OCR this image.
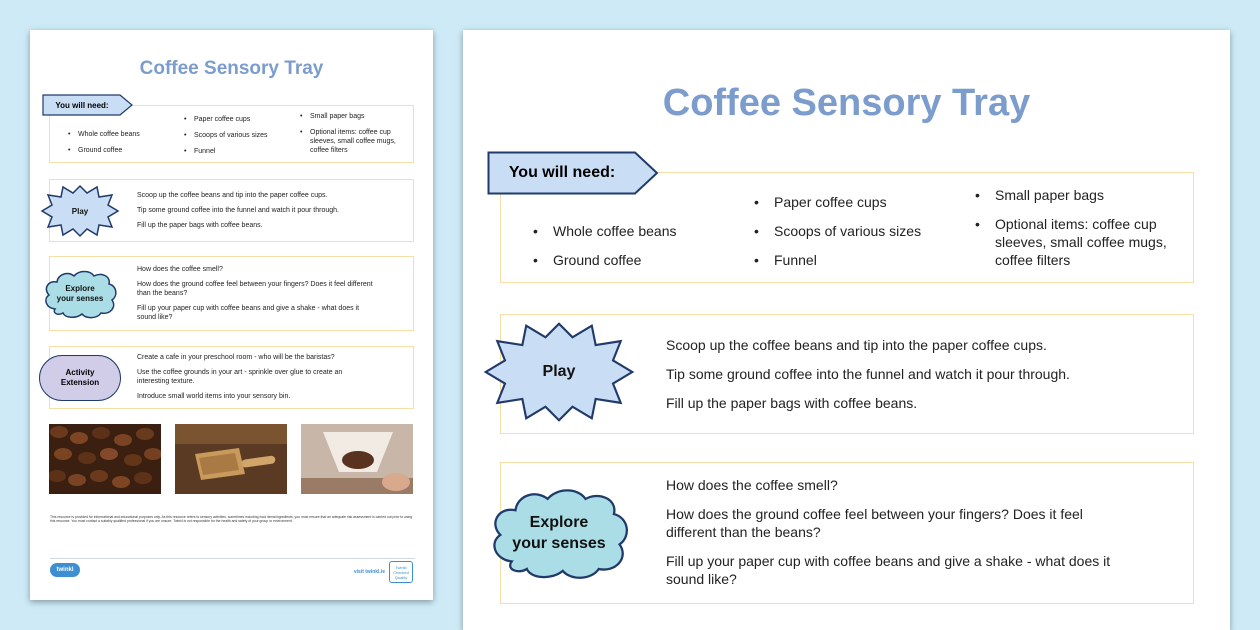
Coffee Sensory Tray
You will need:
• Whole coffee beans
• Ground coffee
• Paper coffee cups
• Scoops of various sizes
• Funnel
• Small paper bags
• Optional items: coffee cup sleeves, small coffee mugs, coffee filters
Play

Scoop up the coffee beans and tip into the paper coffee cups.

Tip some ground coffee into the funnel and watch it pour through.

Fill up the paper bags with coffee beans.

Explore
your senses

How does the coffee smell?

How does the ground coffee feel between your fingers? Does it feel different than the beans?

Fill up your paper cup with coffee beans and give a shake - what does it sound like?

Activity
Extension

Create a cafe in your preschool room - who will be the baristas?

Use the coffee grounds in your art - sprinkle over glue to create an interesting texture.

Introduce small world items into your sensory bin.

This resource is provided for informational and educational purposes only. As this resource refers to sensory activities, sometimes including food items/ingredients, you must ensure that an adequate risk assessment is carried out prior to using this resource. You must contact a suitably qualified professional if you are unsure. Twinkl is not responsible for the health and safety of your group or environment.
twinkl	visit twinkl.ie
Twinkl Checked Quality
Coffee Sensory Tray
You will need:
• Whole coffee beans
• Ground coffee
• Paper coffee cups
• Scoops of various sizes
• Funnel
• Small paper bags
• Optional items: coffee cup sleeves, small coffee mugs, coffee filters
Play

Scoop up the coffee beans and tip into the paper coffee cups.

Tip some ground coffee into the funnel and watch it pour through.

Fill up the paper bags with coffee beans.

Explore
your senses

How does the coffee smell?

How does the ground coffee feel between your fingers? Does it feel different than the beans?

Fill up your paper cup with coffee beans and give a shake - what does it sound like?
